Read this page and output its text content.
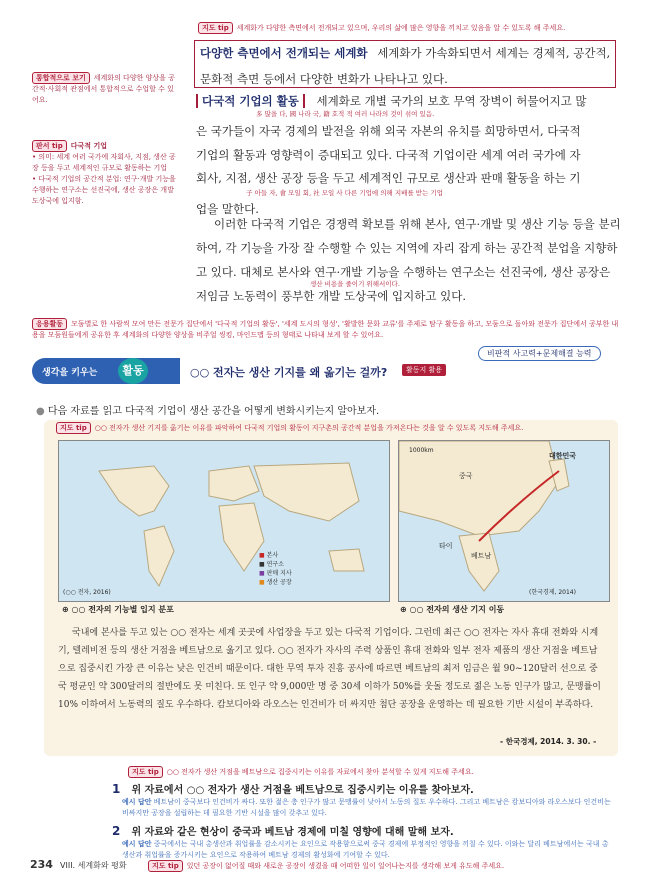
지도 tip 세계화가 다양한 측면에서 전개되고 있으며, 우리의 삶에 많은 영향을 끼치고 있음을 알 수 있도록 해 주세요.
통합적으로 보기 세계화의 다양한 양상을 공간적·사회적 관점에서 통합적으로 수업할 수 있어요.
판서 tip 다국적 기업
• 의미: 세계 여러 국가에 자회사, 지점, 생산 공장 등을 두고 세계적인 규모로 활동하는 기업
• 다국적 기업의 공간적 분업: 연구·개발 기능을 수행하는 연구소는 선진국에, 생산 공장은 개발 도상국에 입지함.

다양한 측면에서 전개되는 세계화 세계화가 가속화되면서 세계는 경제적, 공간적, 문화적 측면 등에서 다양한 변화가 나타나고 있다.

다국적 기업의 활동 세계화로 개별 국가의 보호 무역 장벽이 허물어지고 많
多 많을 다, 國 나라 국, 籍 호적 적 여러 나라의 것이 섞여 있음.
은 국가들이 자국 경제의 발전을 위해 외국 자본의 유치를 희망하면서, 다국적
기업의 활동과 영향력이 증대되고 있다. 다국적 기업이란 세계 여러 국가에 자
회사, 지점, 생산 공장 등을 두고 세계적인 규모로 생산과 판매 활동을 하는 기
子 아들 자, 會 모일 회, 社 모일 사 다른 기업에 의해 지배를 받는 기업
업을 말한다.
이러한 다국적 기업은 경쟁력 확보를 위해 본사, 연구·개발 및 생산 기능 등을 분리하여, 각 기능을 가장 잘 수행할 수 있는 지역에 자리 잡게 하는 공간적 분업을 지향하고 있다. 대체로 본사와 연구·개발 기능을 수행하는 연구소는 선진국에, 생산 공장은 저임금 노동력이 풍부한 개발 도상국에 입지하고 있다.
생산 비용을 줄이기 위해서이다.
응용활동 모둠별로 한 사람씩 모여 만든 전문가 집단에서 '다국적 기업의 활동', '세계 도시의 형성', '활발한 문화 교류'를 주제로 탐구 활동을 하고, 모둠으로 돌아와 전문가 집단에서 공부한 내용을 모둠원들에게 공유한 후 세계화의 다양한 양상을 비주얼 씽킹, 마인드맵 등의 형태로 나타내 보게 할 수 있어요.
비판적 사고력+문제해결 능력
생각을 키우는	활동	○○ 전자는 생산 기지를 왜 옮기는 걸까?	활동지 활용
● 다음 자료를 읽고 다국적 기업이 생산 공간을 어떻게 변화시키는지 알아보자.
지도 tip ○○ 전자가 생산 기지를 옮기는 이유를 파악하여 다국적 기업의 활동이 지구촌의 공간적 분업을 가져온다는 것을 알 수 있도록 지도해 주세요.
■ 본사
■ 연구소
■ 판매 지사
■ 생산 공장
(○○ 전자, 2016)
1000km
중국
대한민국
베트남
타이
(한국경제, 2014)
⊕ ○○ 전자의 기능별 입지 분포	⊕ ○○ 전자의 생산 기지 이동
국내에 본사를 두고 있는 ○○ 전자는 세계 곳곳에 사업장을 두고 있는 다국적 기업이다. 그런데 최근 ○○ 전자는 자사 휴대 전화와 시계기, 텔레비전 등의 생산 거점을 베트남으로 옮기고 있다. ○○ 전자가 자사의 주력 상품인 휴대 전화와 일부 전자 제품의 생산 거점을 베트남으로 집중시킨 가장 큰 이유는 낮은 인건비 때문이다. 대한 무역 투자 진흥 공사에 따르면 베트남의 최저 임금은 월 90~120달러 선으로 중국 평균인 약 300달러의 절반에도 못 미친다. 또 인구 약 9,000만 명 중 30세 이하가 50%를 웃돌 정도로 젊은 노동 인구가 많고, 문맹률이 10% 이하여서 노동력의 질도 우수하다. 캄보디아와 라오스는 인건비가 더 싸지만 첨단 공장을 운영하는 데 필요한 기반 시설이 부족하다.
- 한국경제, 2014. 3. 30. -
지도 tip ○○ 전자가 생산 거점을 베트남으로 집중시키는 이유를 자료에서 찾아 분석할 수 있게 지도해 주세요.
1 위 자료에서 ○○ 전자가 생산 거점을 베트남으로 집중시키는 이유를 찾아보자.
예시 답안 베트남이 중국보다 인건비가 싸다. 또한 젊은 층 인구가 많고 문맹률이 낮아서 노동의 질도 우수하다. 그리고 베트남은 캄보디아와 라오스보다 인건비는 비싸지만 공장을 설립하는 데 필요한 기반 시설을 많이 갖추고 있다.
2 위 자료와 같은 현상이 중국과 베트남 경제에 미칠 영향에 대해 말해 보자.
예시 답안 중국에서는 국내 총생산과 취업률을 감소시키는 요인으로 작용함으로써 중국 경제에 부정적인 영향을 끼칠 수 있다. 이와는 달리 베트남에서는 국내 총생산과 취업률을 증가시키는 요인으로 작용하여 베트남 경제의 활성화에 기여할 수 있다.
지도 tip 있던 공장이 없어질 때와 새로운 공장이 생겼을 때 어떠한 일이 일어나는지를 생각해 보게 유도해 주세요.
234 VIII. 세계화와 평화
